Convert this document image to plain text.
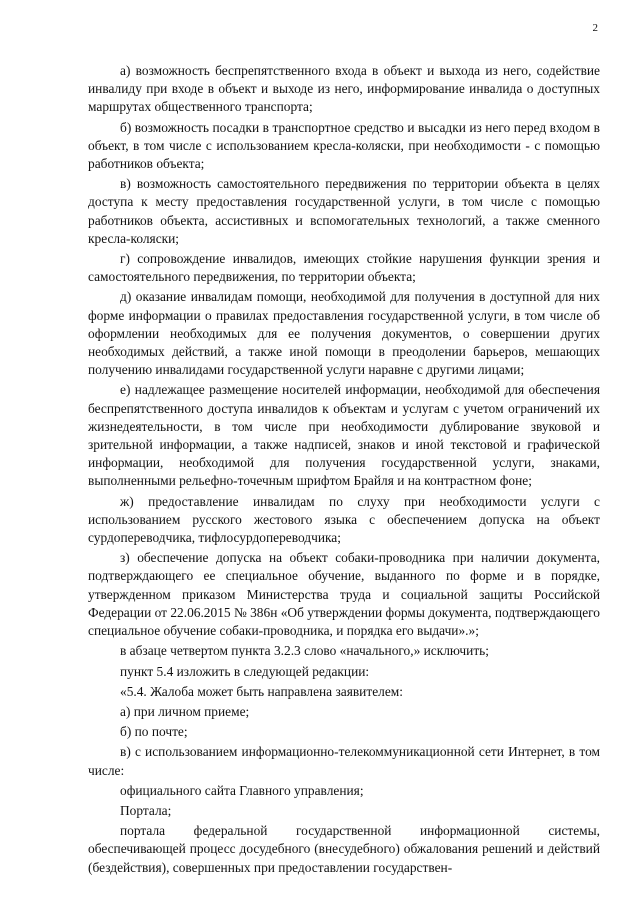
2

а) возможность беспрепятственного входа в объект и выхода из него, содействие инвалиду при входе в объект и выходе из него, информирование инвалида о доступных маршрутах общественного транспорта;

б) возможность посадки в транспортное средство и высадки из него перед входом в объект, в том числе с использованием кресла-коляски, при необходимости - с помощью работников объекта;

в) возможность самостоятельного передвижения по территории объекта в целях доступа к месту предоставления государственной услуги, в том числе с помощью работников объекта, ассистивных и вспомогательных технологий, а также сменного кресла-коляски;

г) сопровождение инвалидов, имеющих стойкие нарушения функции зрения и самостоятельного передвижения, по территории объекта;

д) оказание инвалидам помощи, необходимой для получения в доступной для них форме информации о правилах предоставления государственной услуги, в том числе об оформлении необходимых для ее получения документов, о совершении других необходимых действий, а также иной помощи в преодолении барьеров, мешающих получению инвалидами государственной услуги наравне с другими лицами;

е) надлежащее размещение носителей информации, необходимой для обеспечения беспрепятственного доступа инвалидов к объектам и услугам с учетом ограничений их жизнедеятельности, в том числе при необходимости дублирование звуковой и зрительной информации, а также надписей, знаков и иной текстовой и графической информации, необходимой для получения государственной услуги, знаками, выполненными рельефно-точечным шрифтом Брайля и на контрастном фоне;

ж) предоставление инвалидам по слуху при необходимости услуги с использованием русского жестового языка с обеспечением допуска на объект сурдопереводчика, тифлосурдопереводчика;

з) обеспечение допуска на объект собаки-проводника при наличии документа, подтверждающего ее специальное обучение, выданного по форме и в порядке, утвержденном приказом Министерства труда и социальной защиты Российской Федерации от 22.06.2015 № 386н «Об утверждении формы документа, подтверждающего специальное обучение собаки-проводника, и порядка его выдачи».»;

в абзаце четвертом пункта 3.2.3 слово «начального,» исключить;

пункт 5.4 изложить в следующей редакции:

«5.4. Жалоба может быть направлена заявителем:

а) при личном приеме;

б) по почте;

в) с использованием информационно-телекоммуникационной сети Интернет, в том числе:

официального сайта Главного управления;

Портала;

портала федеральной государственной информационной системы, обеспечивающей процесс досудебного (внесудебного) обжалования решений и действий (бездействия), совершенных при предоставлении государствен-
